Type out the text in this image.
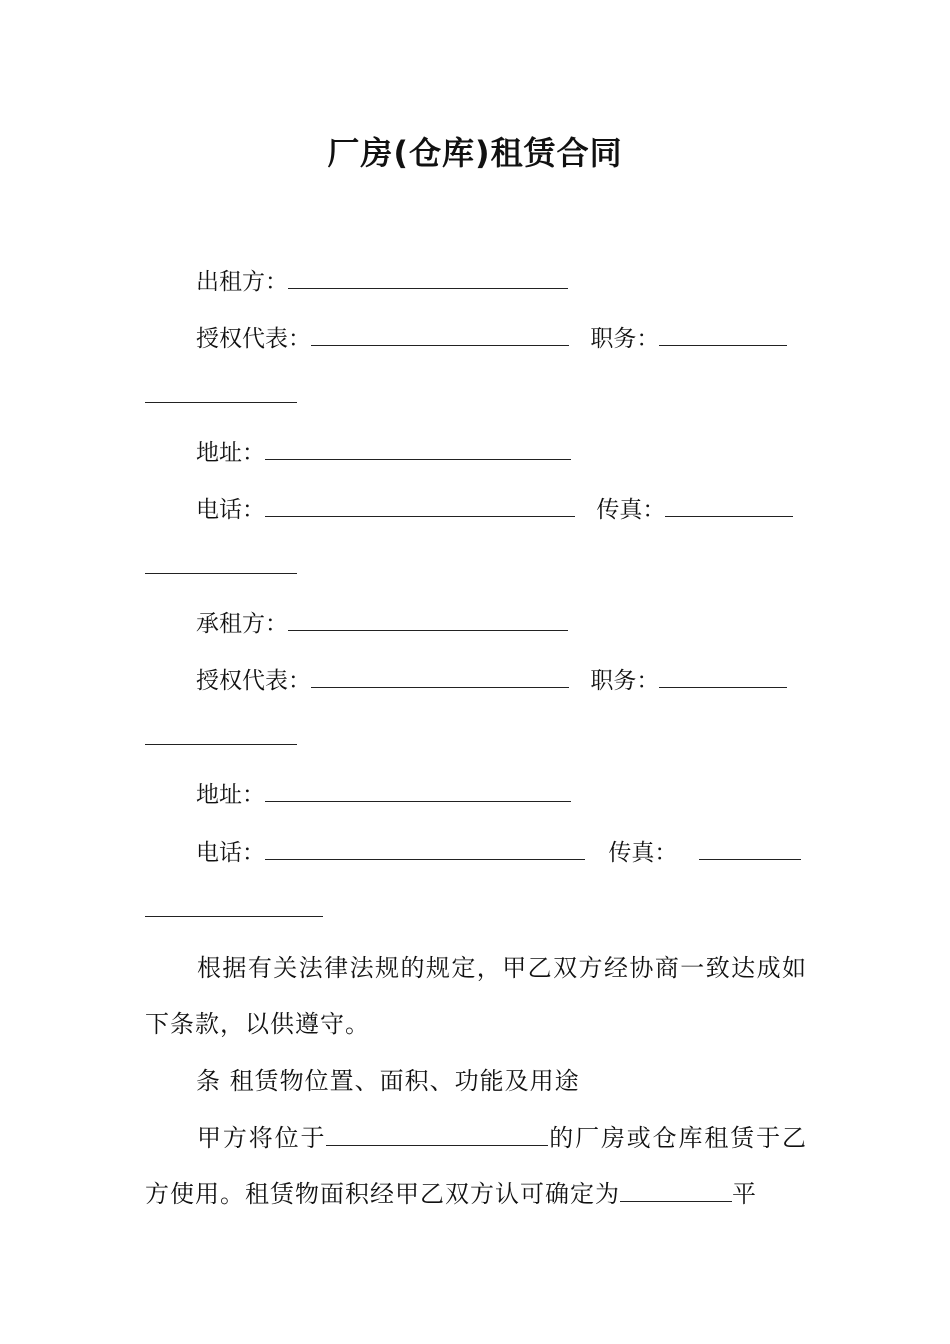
厂房(仓库)租赁合同
出租方：
授权代表：	职务：
地址：
电话：	传真：
承租方：
授权代表：	职务：
地址：
电话：	传真：
根据有关法律法规的规定，甲乙双方经协商一致达成如下条款，以供遵守。
条 租赁物位置、面积、功能及用途
甲方将位于	的厂房或仓库租赁于乙方使用。租赁物面积经甲乙双方认可确定为	平
